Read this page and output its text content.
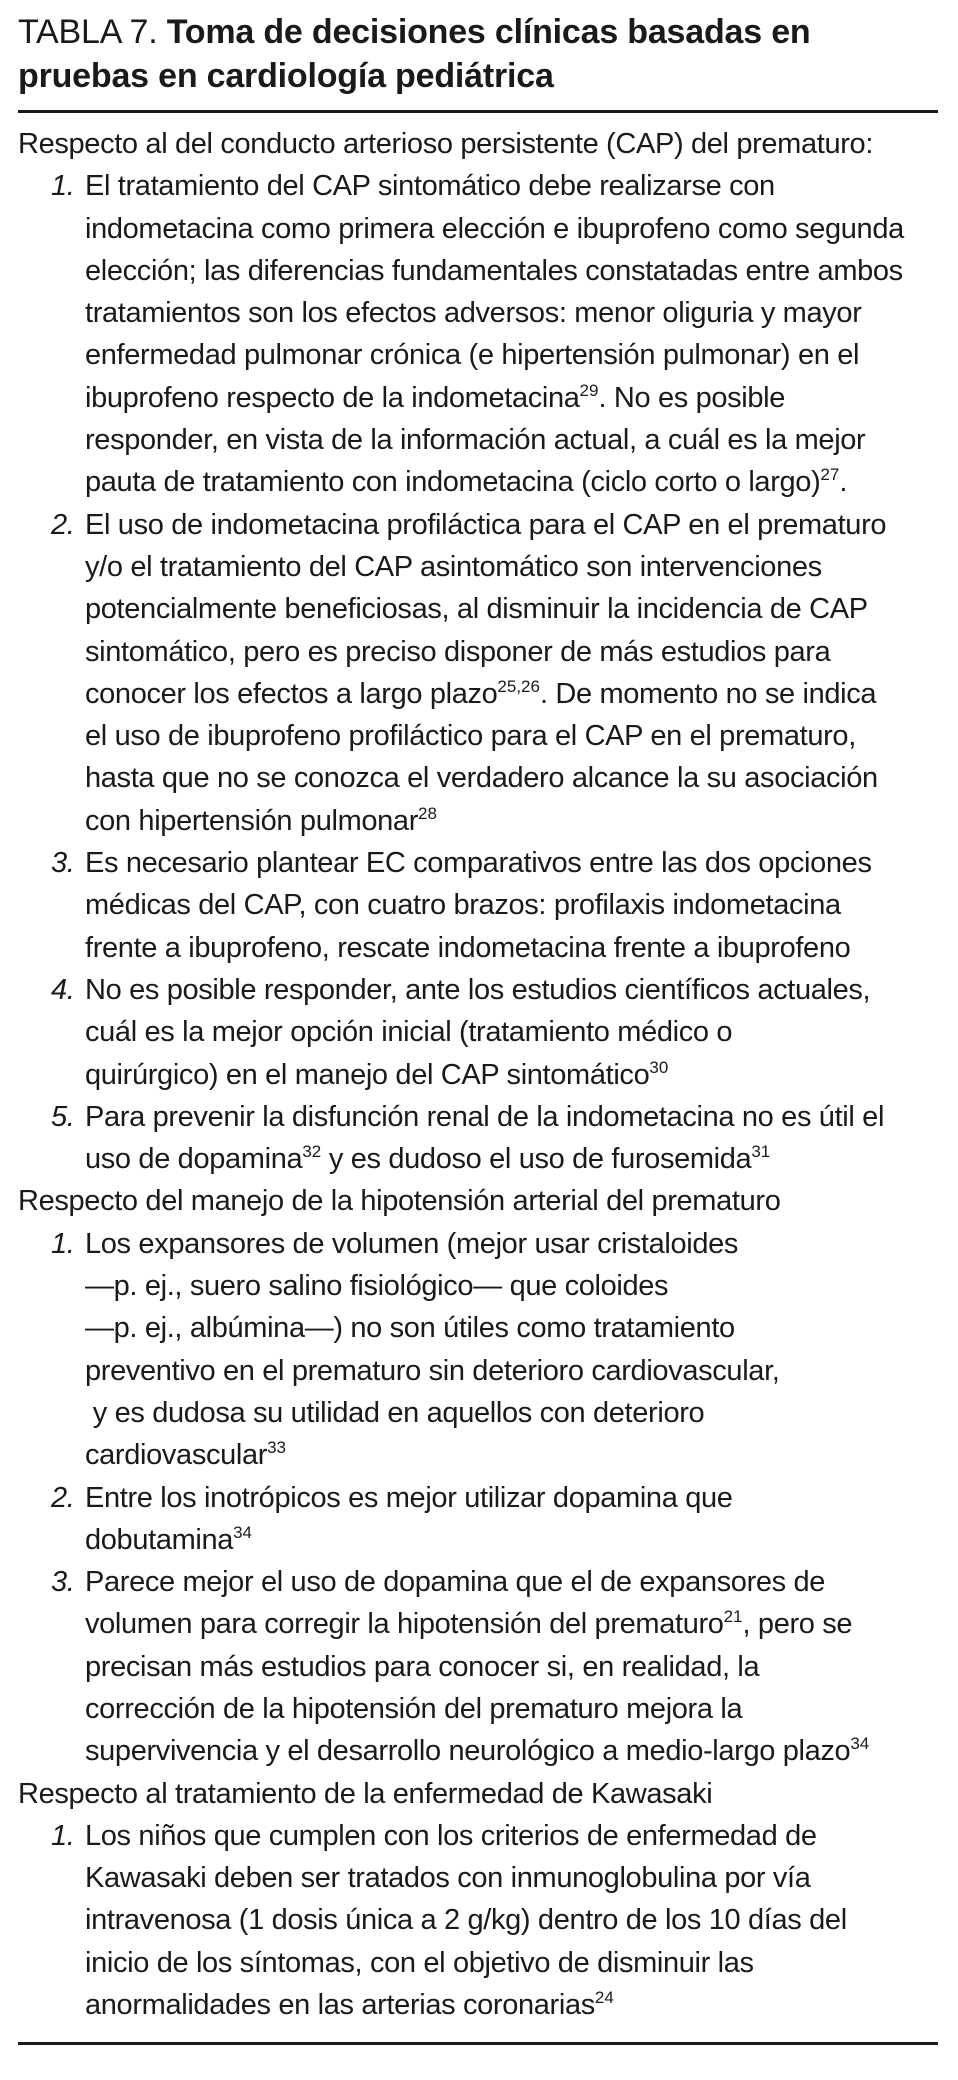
TABLA 7. Toma de decisiones clínicas basadas en
pruebas en cardiología pediátrica
Respecto al del conducto arterioso persistente (CAP) del prematuro:
1. El tratamiento del CAP sintomático debe realizarse con
indometacina como primera elección e ibuprofeno como segunda
elección; las diferencias fundamentales constatadas entre ambos
tratamientos son los efectos adversos: menor oliguria y mayor
enfermedad pulmonar crónica (e hipertensión pulmonar) en el
ibuprofeno respecto de la indometacina$^{29}$. No es posible
responder, en vista de la información actual, a cuál es la mejor
pauta de tratamiento con indometacina (ciclo corto o largo)$^{27}$.
2. El uso de indometacina profiláctica para el CAP en el prematuro
y/o el tratamiento del CAP asintomático son intervenciones
potencialmente beneficiosas, al disminuir la incidencia de CAP
sintomático, pero es preciso disponer de más estudios para
conocer los efectos a largo plazo$^{25,26}$. De momento no se indica
el uso de ibuprofeno profiláctico para el CAP en el prematuro,
hasta que no se conozca el verdadero alcance la su asociación
con hipertensión pulmonar$^{28}$
3. Es necesario plantear EC comparativos entre las dos opciones
médicas del CAP, con cuatro brazos: profilaxis indometacina
frente a ibuprofeno, rescate indometacina frente a ibuprofeno
4. No es posible responder, ante los estudios científicos actuales,
cuál es la mejor opción inicial (tratamiento médico o
quirúrgico) en el manejo del CAP sintomático$^{30}$
5. Para prevenir la disfunción renal de la indometacina no es útil el
uso de dopamina$^{32}$ y es dudoso el uso de furosemida$^{31}$
Respecto del manejo de la hipotensión arterial del prematuro
1. Los expansores de volumen (mejor usar cristaloides
—p. ej., suero salino fisiológico— que coloides
—p. ej., albúmina—) no son útiles como tratamiento
preventivo en el prematuro sin deterioro cardiovascular,
y es dudosa su utilidad en aquellos con deterioro
cardiovascular$^{33}$
2. Entre los inotrópicos es mejor utilizar dopamina que
dobutamina$^{34}$
3. Parece mejor el uso de dopamina que el de expansores de
volumen para corregir la hipotensión del prematuro$^{21}$, pero se
precisan más estudios para conocer si, en realidad, la
corrección de la hipotensión del prematuro mejora la
supervivencia y el desarrollo neurológico a medio-largo plazo$^{34}$
Respecto al tratamiento de la enfermedad de Kawasaki
1. Los niños que cumplen con los criterios de enfermedad de
Kawasaki deben ser tratados con inmunoglobulina por vía
intravenosa (1 dosis única a 2 g/kg) dentro de los 10 días del
inicio de los síntomas, con el objetivo de disminuir las
anormalidades en las arterias coronarias$^{24}$
